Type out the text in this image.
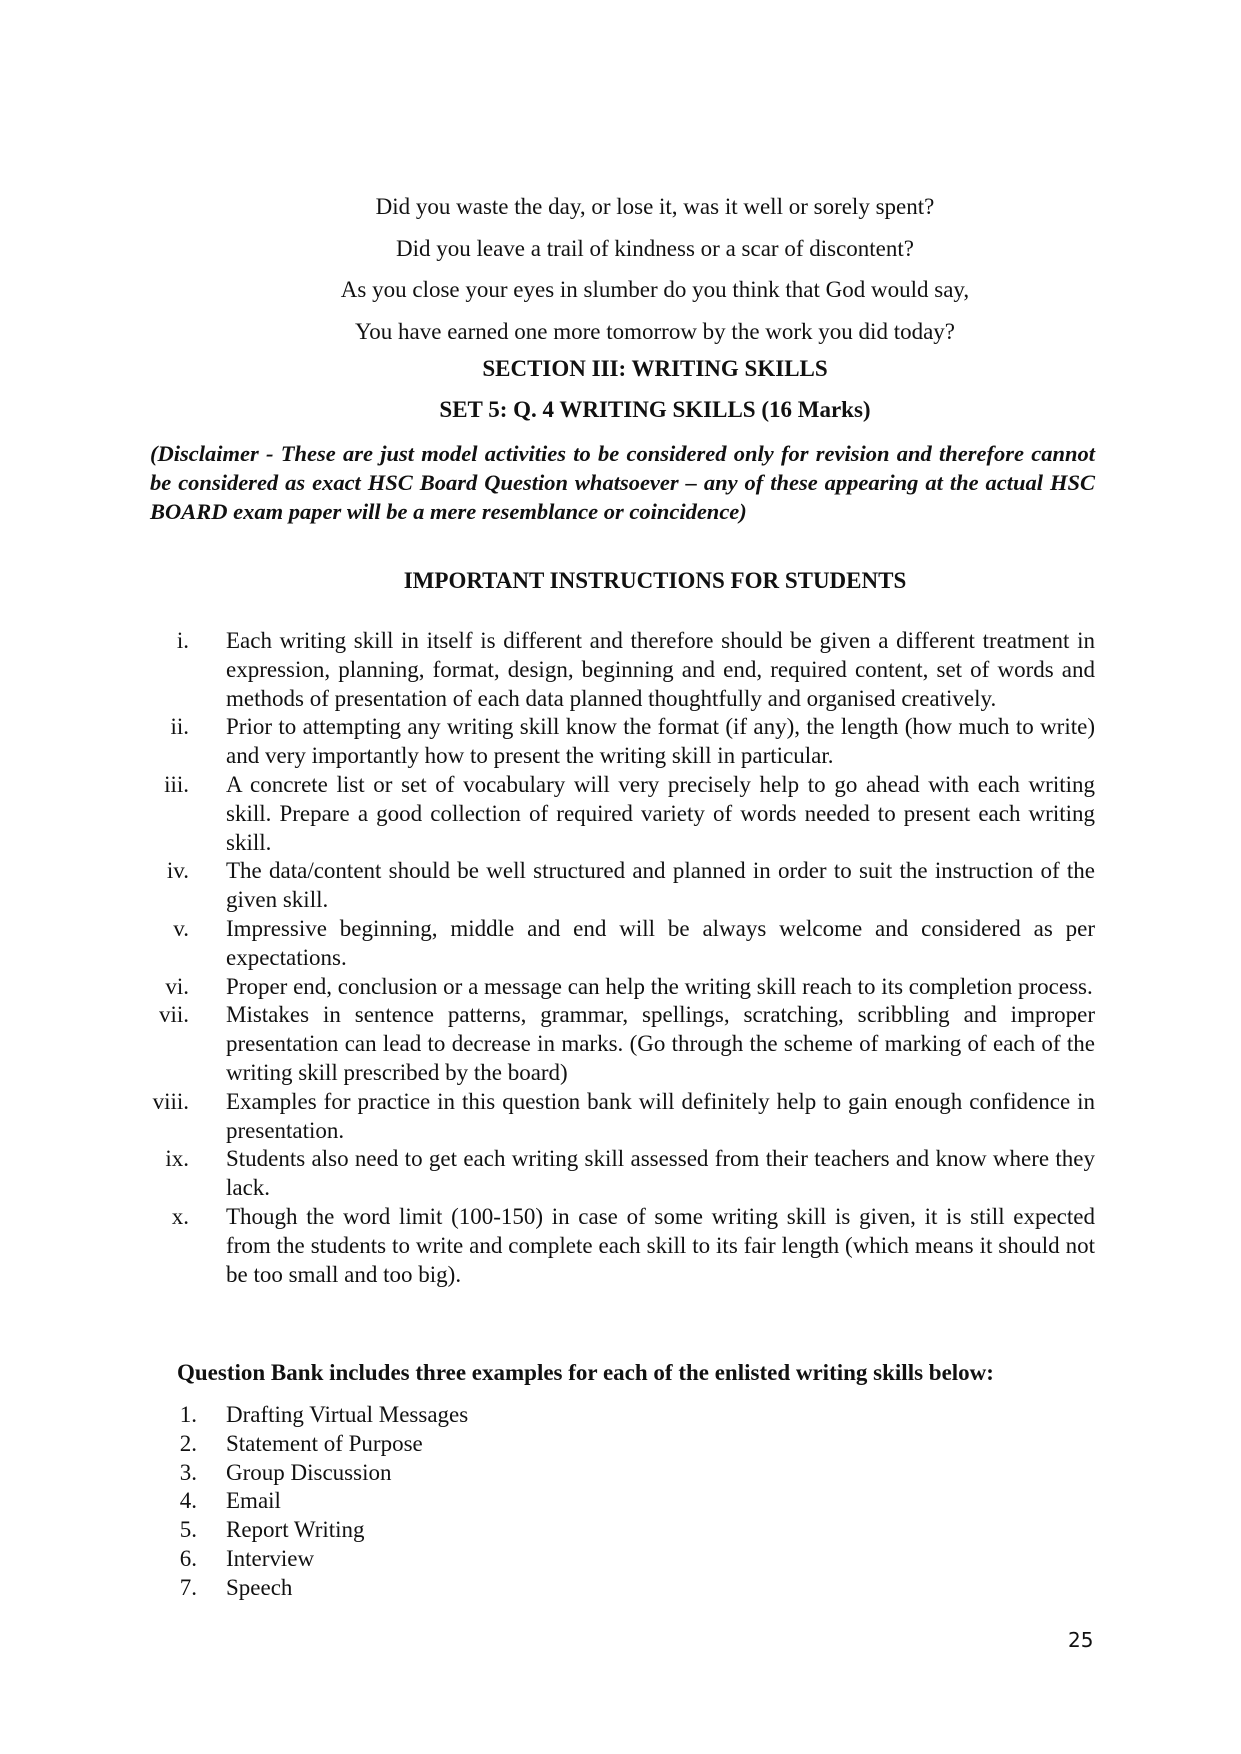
Did you waste the day, or lose it, was it well or sorely spent?
Did you leave a trail of kindness or a scar of discontent?
As you close your eyes in slumber do you think that God would say,
You have earned one more tomorrow by the work you did today?
SECTION III: WRITING SKILLS
SET 5: Q. 4 WRITING SKILLS (16 Marks)
(Disclaimer - These are just model activities to be considered only for revision and therefore cannot be considered as exact HSC Board Question whatsoever – any of these appearing at the actual HSC BOARD exam paper will be a mere resemblance or coincidence)
IMPORTANT INSTRUCTIONS FOR STUDENTS
i. Each writing skill in itself is different and therefore should be given a different treatment in expression, planning, format, design, beginning and end, required content, set of words and methods of presentation of each data planned thoughtfully and organised creatively.
ii. Prior to attempting any writing skill know the format (if any), the length (how much to write) and very importantly how to present the writing skill in particular.
iii. A concrete list or set of vocabulary will very precisely help to go ahead with each writing skill. Prepare a good collection of required variety of words needed to present each writing skill.
iv. The data/content should be well structured and planned in order to suit the instruction of the given skill.
v. Impressive beginning, middle and end will be always welcome and considered as per expectations.
vi. Proper end, conclusion or a message can help the writing skill reach to its completion process.
vii. Mistakes in sentence patterns, grammar, spellings, scratching, scribbling and improper presentation can lead to decrease in marks. (Go through the scheme of marking of each of the writing skill prescribed by the board)
viii. Examples for practice in this question bank will definitely help to gain enough confidence in presentation.
ix. Students also need to get each writing skill assessed from their teachers and know where they lack.
x. Though the word limit (100-150) in case of some writing skill is given, it is still expected from the students to write and complete each skill to its fair length (which means it should not be too small and too big).
Question Bank includes three examples for each of the enlisted writing skills below:
1. Drafting Virtual Messages
2. Statement of Purpose
3. Group Discussion
4. Email
5. Report Writing
6. Interview
7. Speech
25
